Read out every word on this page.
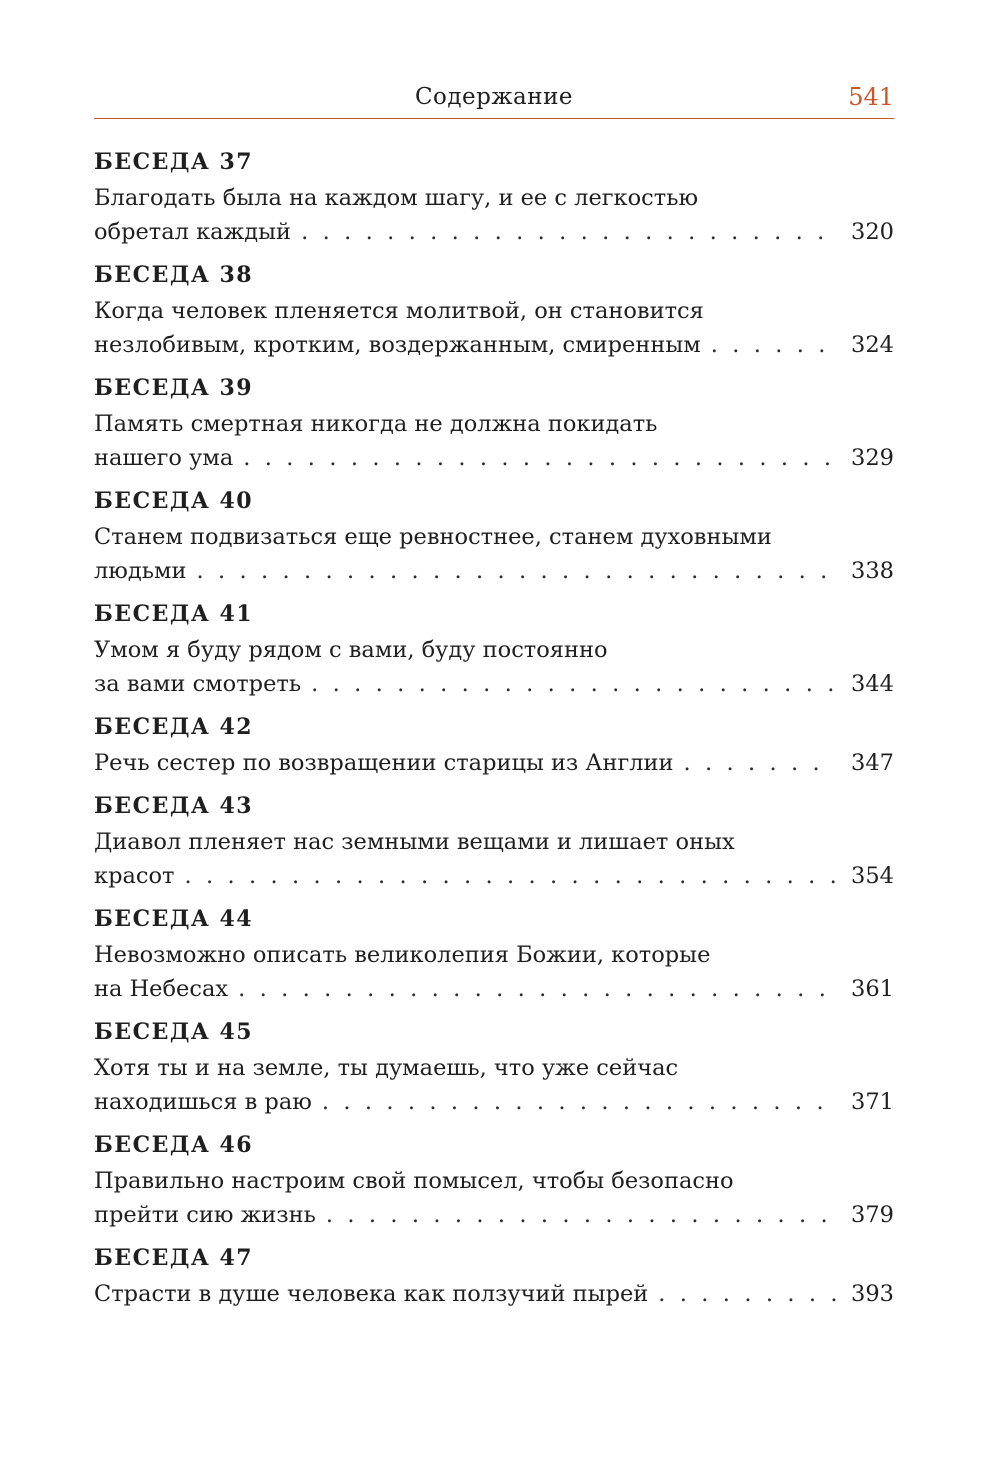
Содержание	541
БЕСЕДА 37
Благодать была на каждом шагу, и ее с легкостью
обретал каждый . . .	320
БЕСЕДА 38
Когда человек пленяется молитвой, он становится
незлобивым, кротким, воздержанным, смиренным . . .	324
БЕСЕДА 39
Память смертная никогда не должна покидать
нашего ума . . .	329
БЕСЕДА 40
Станем подвизаться еще ревностнее, станем духовными
людьми . . .	338
БЕСЕДА 41
Умом я буду рядом с вами, буду постоянно
за вами смотреть . . .	344
БЕСЕДА 42
Речь сестер по возвращении старицы из Англии . . .	347
БЕСЕДА 43
Диавол пленяет нас земными вещами и лишает оных
красот . . .	354
БЕСЕДА 44
Невозможно описать великолепия Божии, которые
на Небесах . . .	361
БЕСЕДА 45
Хотя ты и на земле, ты думаешь, что уже сейчас
находишься в раю . . .	371
БЕСЕДА 46
Правильно настроим свой помысел, чтобы безопасно
прейти сию жизнь . . .	379
БЕСЕДА 47
Страсти в душе человека как ползучий пырей . . .	393
